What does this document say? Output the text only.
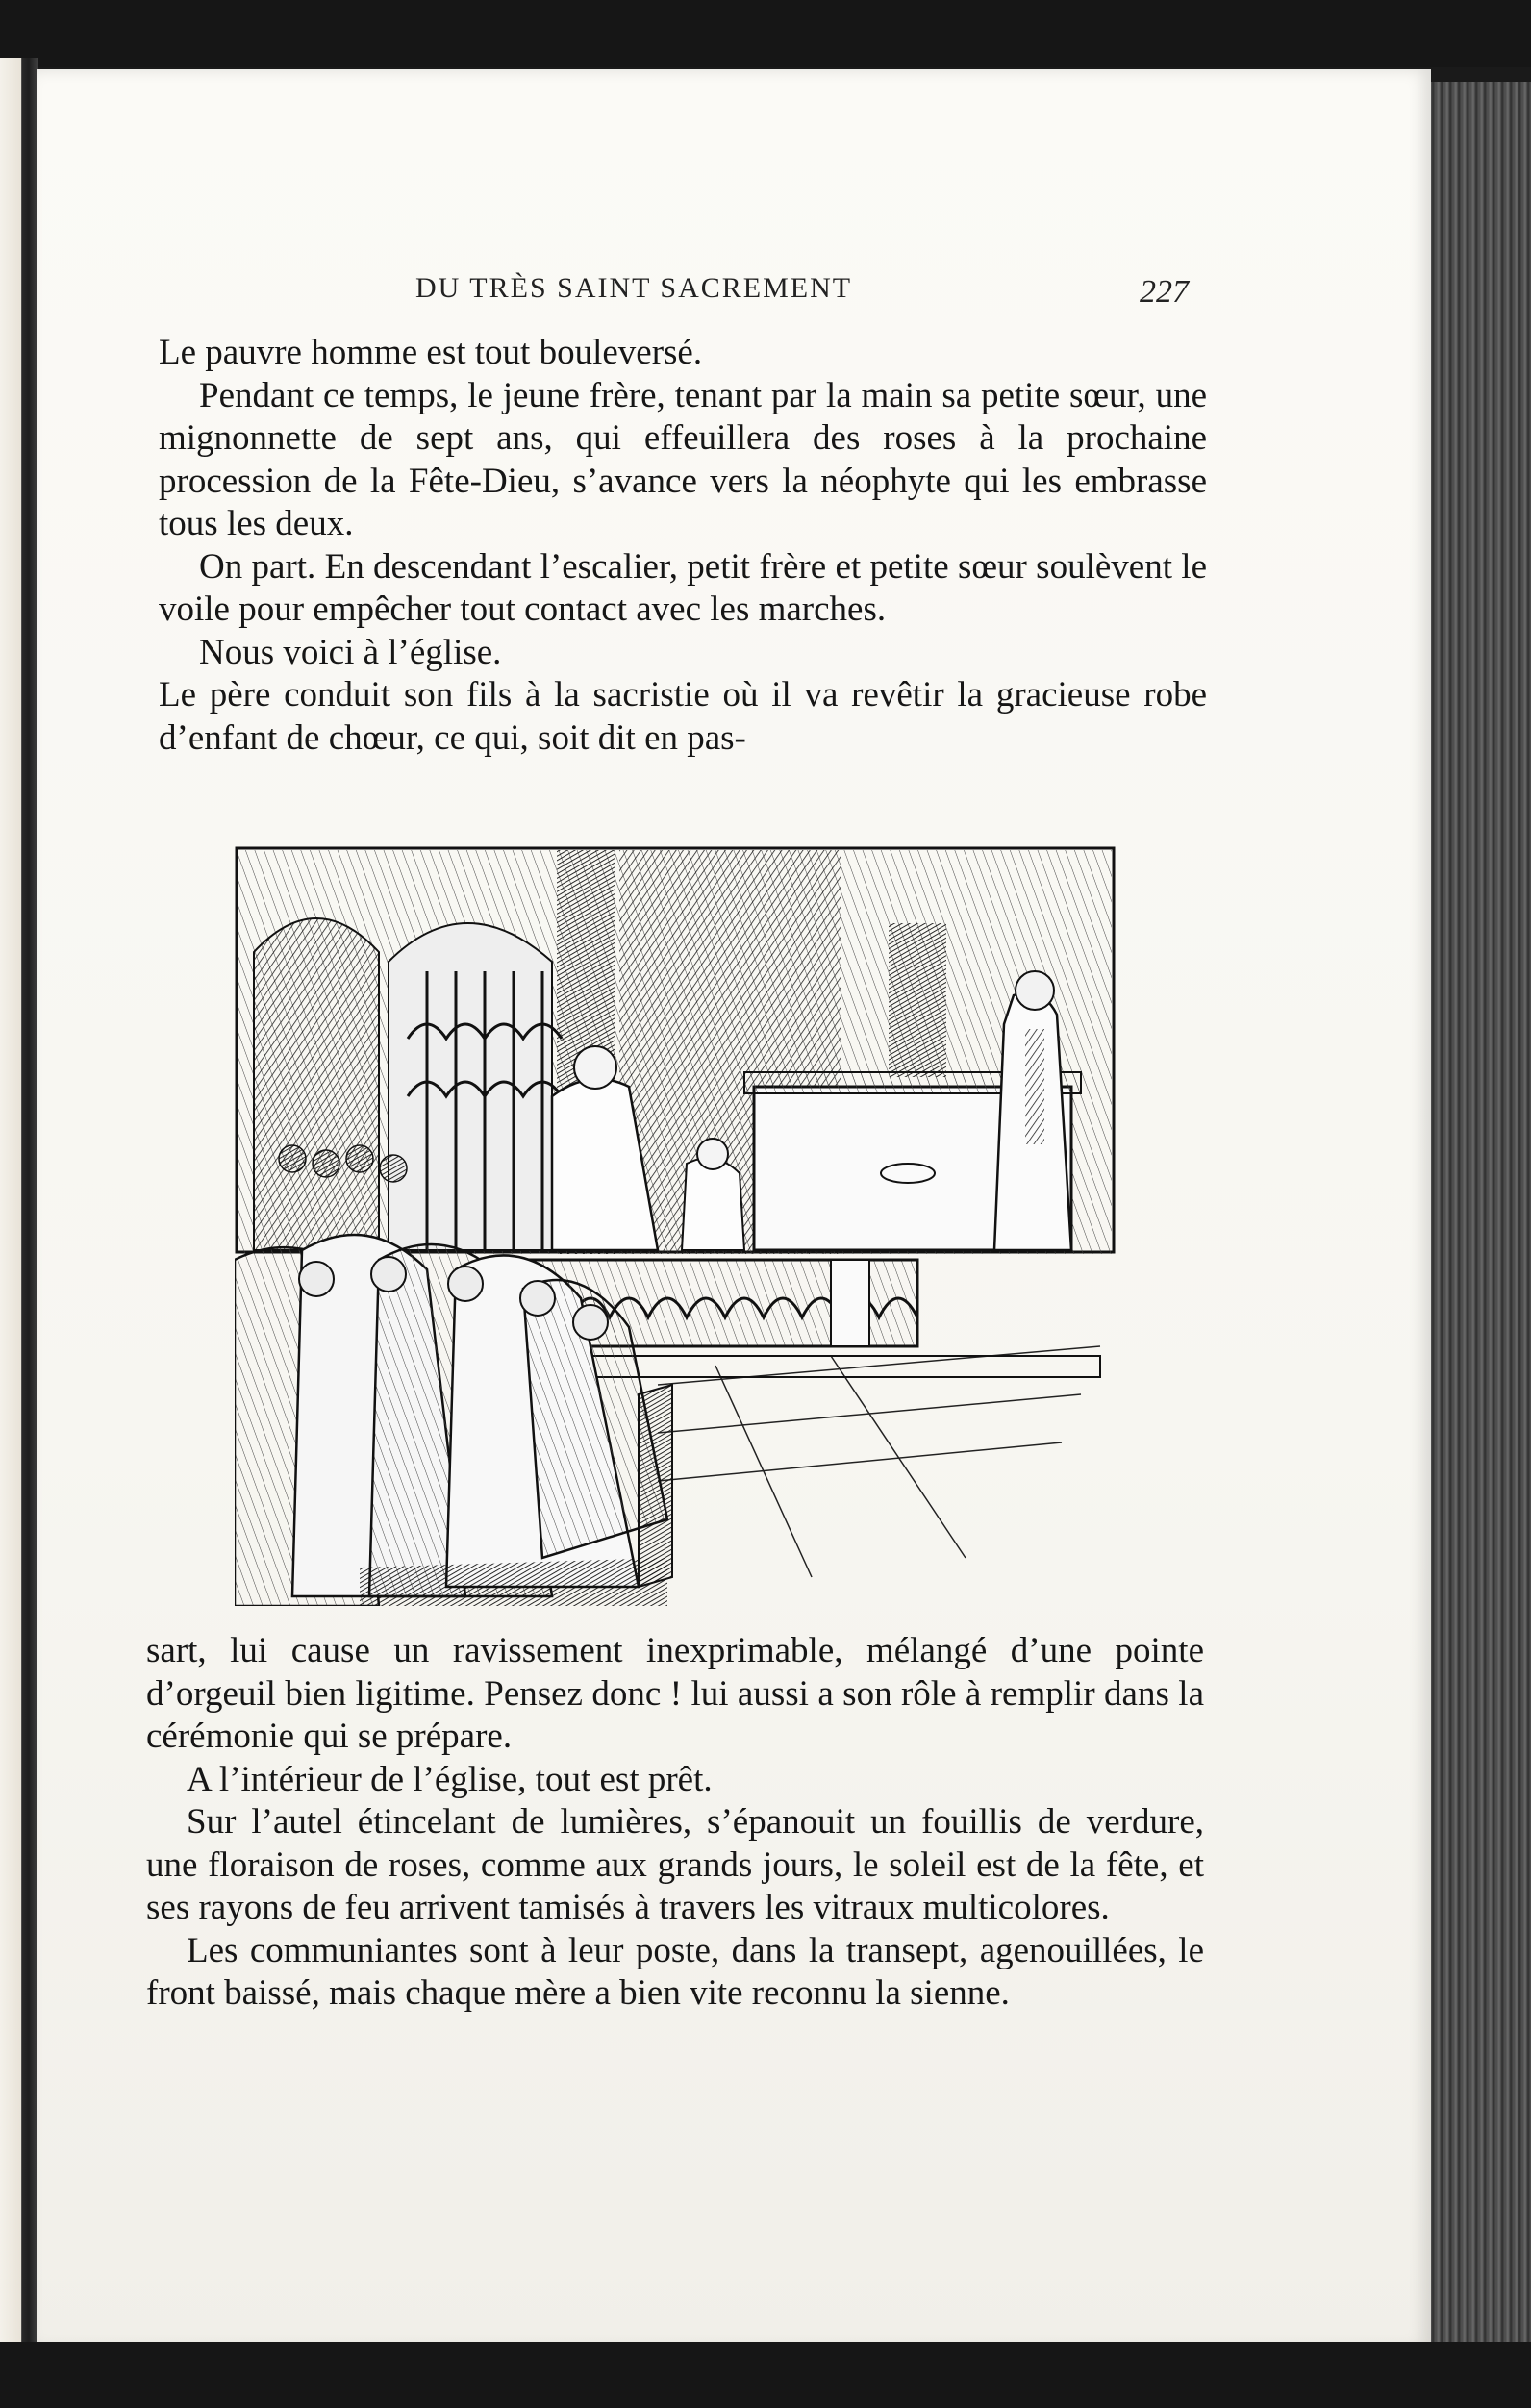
DU TRÈS SAINT SACREMENT	227

Le pauvre homme est tout bouleversé.

Pendant ce temps, le jeune frère, tenant par la main sa petite sœur, une mignonnette de sept ans, qui effeuillera des roses à la prochaine procession de la Fête-Dieu, s’avance vers la néophyte qui les embrasse tous les deux.

On part. En descendant l’escalier, petit frère et petite sœur soulèvent le voile pour empêcher tout contact avec les marches.

Nous voici à l’église.

Le père conduit son fils à la sacristie où il va revêtir la gracieuse robe d’enfant de chœur, ce qui, soit dit en pas-

sart, lui cause un ravissement inexprimable, mélangé d’une pointe d’orgeuil bien ligitime. Pensez donc ! lui aussi a son rôle à remplir dans la cérémonie qui se prépare.

A l’intérieur de l’église, tout est prêt.

Sur l’autel étincelant de lumières, s’épanouit un fouillis de verdure, une floraison de roses, comme aux grands jours, le soleil est de la fête, et ses rayons de feu arrivent tamisés à travers les vitraux multicolores.

Les communiantes sont à leur poste, dans la transept, agenouillées, le front baissé, mais chaque mère a bien vite reconnu la sienne.
